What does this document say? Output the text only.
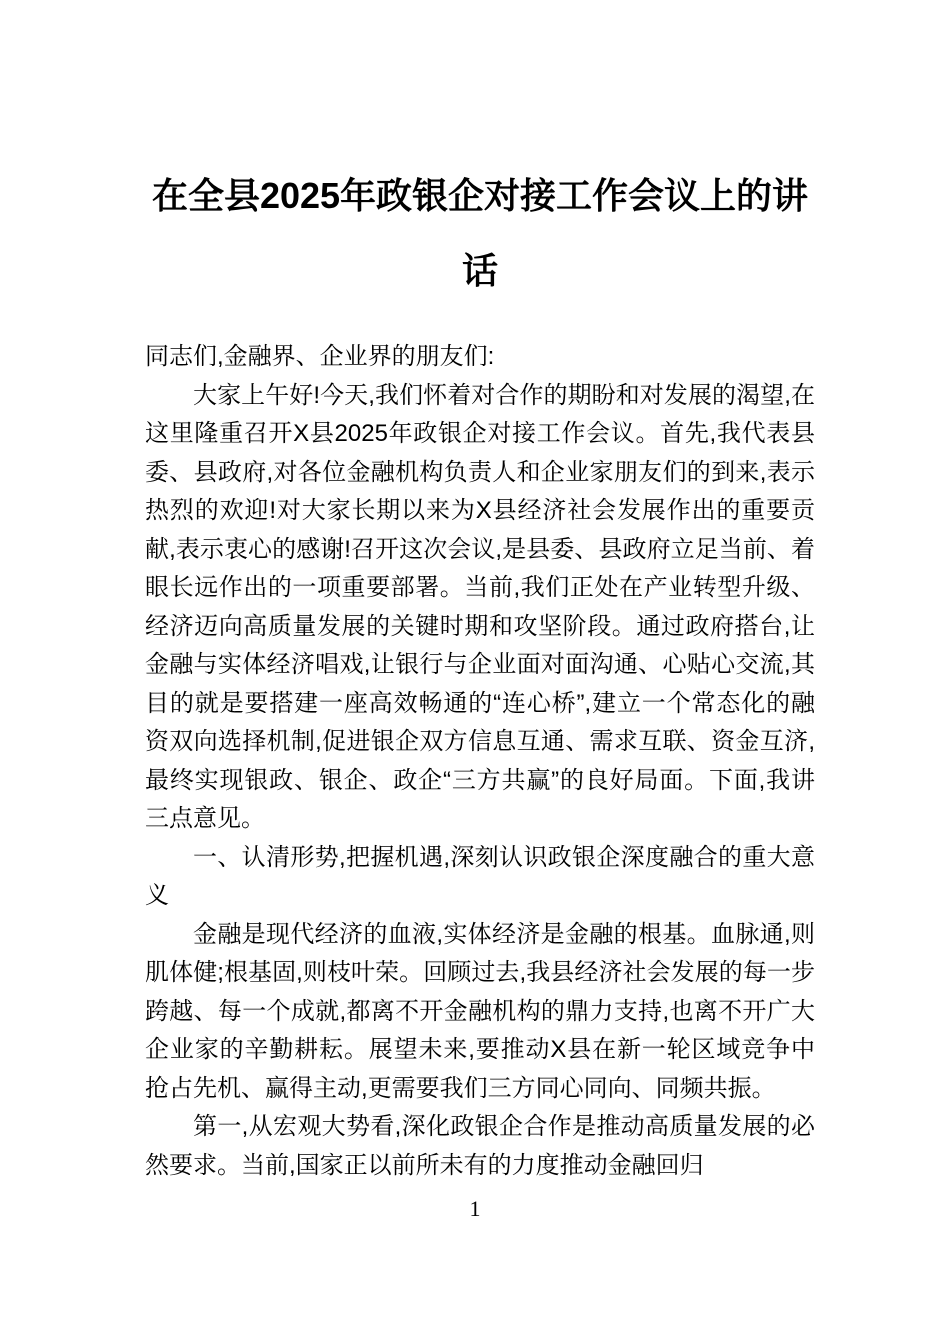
在全县2025年政银企对接工作会议上的讲话

同志们,金融界、企业界的朋友们:

大家上午好!今天,我们怀着对合作的期盼和对发展的渴望,在这里隆重召开X县2025年政银企对接工作会议。首先,我代表县委、县政府,对各位金融机构负责人和企业家朋友们的到来,表示热烈的欢迎!对大家长期以来为X县经济社会发展作出的重要贡献,表示衷心的感谢!召开这次会议,是县委、县政府立足当前、着眼长远作出的一项重要部署。当前,我们正处在产业转型升级、经济迈向高质量发展的关键时期和攻坚阶段。通过政府搭台,让金融与实体经济唱戏,让银行与企业面对面沟通、心贴心交流,其目的就是要搭建一座高效畅通的“连心桥”,建立一个常态化的融资双向选择机制,促进银企双方信息互通、需求互联、资金互济,最终实现银政、银企、政企“三方共赢”的良好局面。下面,我讲三点意见。

一、认清形势,把握机遇,深刻认识政银企深度融合的重大意义

金融是现代经济的血液,实体经济是金融的根基。血脉通,则肌体健;根基固,则枝叶荣。回顾过去,我县经济社会发展的每一步跨越、每一个成就,都离不开金融机构的鼎力支持,也离不开广大企业家的辛勤耕耘。展望未来,要推动X县在新一轮区域竞争中抢占先机、赢得主动,更需要我们三方同心同向、同频共振。

第一,从宏观大势看,深化政银企合作是推动高质量发展的必然要求。当前,国家正以前所未有的力度推动金融回归

1
